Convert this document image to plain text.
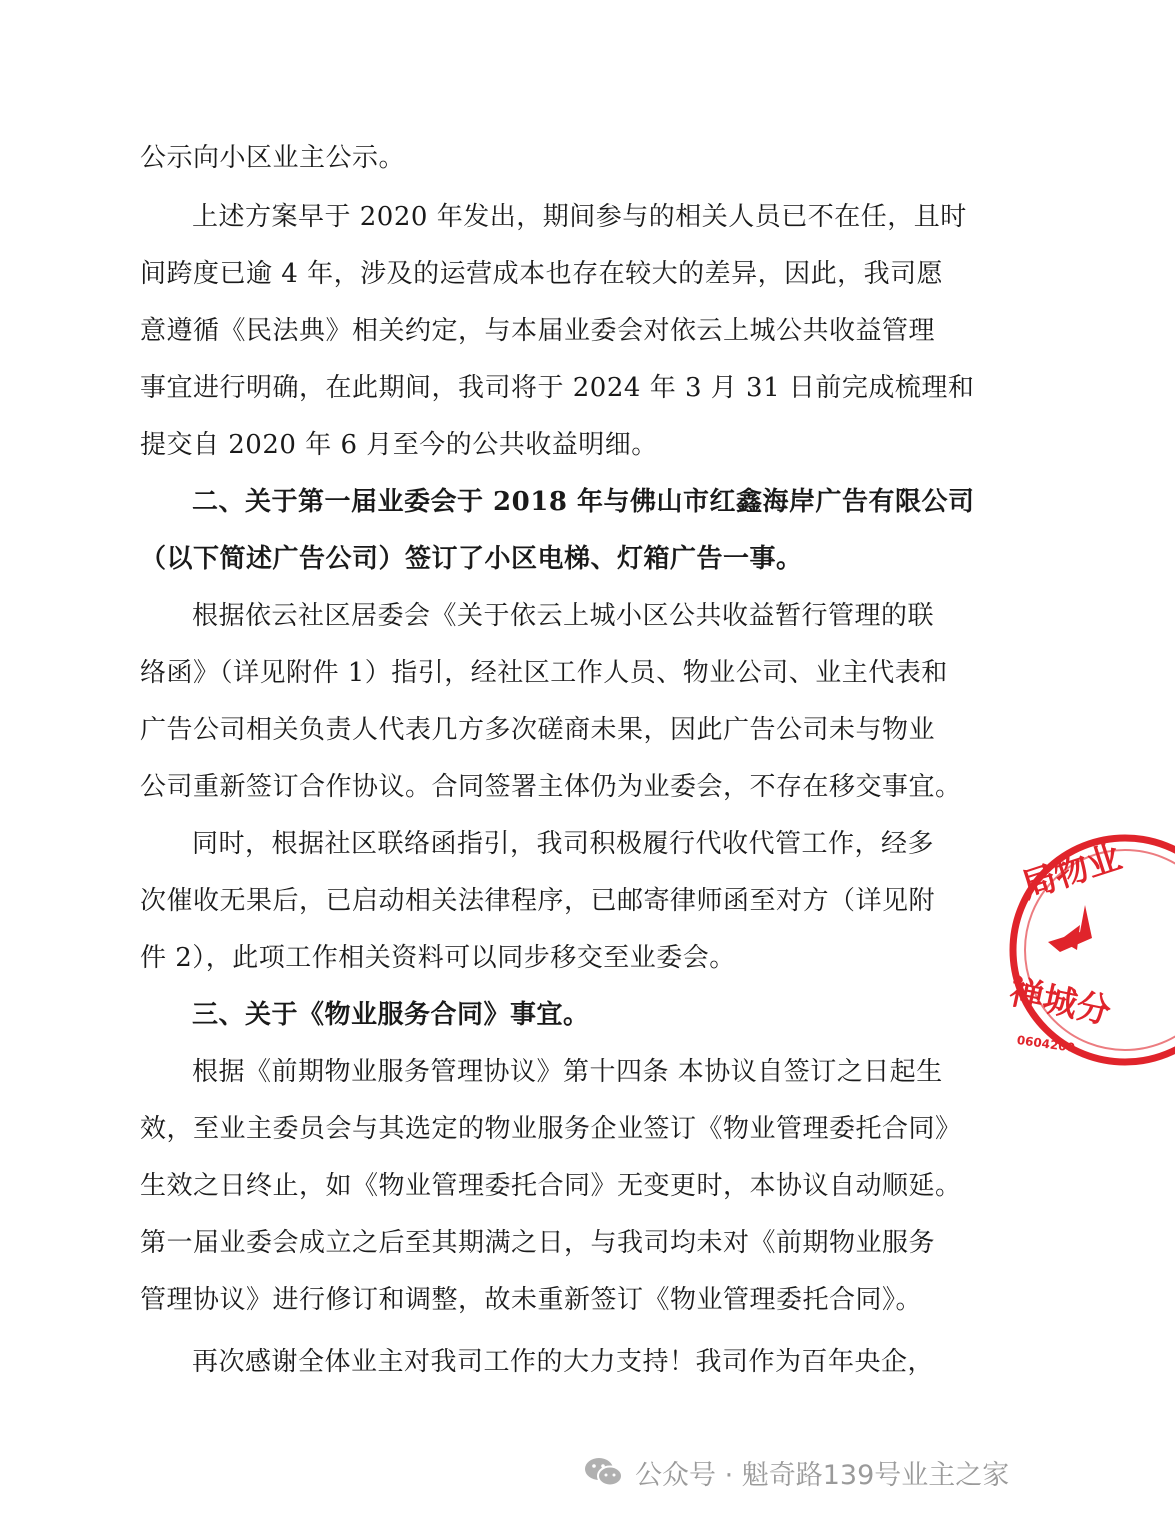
公示向小区业主公示。
上述方案早于 2020 年发出，期间参与的相关人员已不在任，且时
间跨度已逾 4 年，涉及的运营成本也存在较大的差异，因此，我司愿
意遵循《民法典》相关约定，与本届业委会对依云上城公共收益管理
事宜进行明确，在此期间，我司将于 2024 年 3 月 31 日前完成梳理和
提交自 2020 年 6 月至今的公共收益明细。
二、关于第一届业委会于 2018 年与佛山市红鑫海岸广告有限公司
（以下简述广告公司）签订了小区电梯、灯箱广告一事。
根据依云社区居委会《关于依云上城小区公共收益暂行管理的联
络函》（详见附件 1）指引，经社区工作人员、物业公司、业主代表和
广告公司相关负责人代表几方多次磋商未果，因此广告公司未与物业
公司重新签订合作协议。合同签署主体仍为业委会，不存在移交事宜。
同时，根据社区联络函指引，我司积极履行代收代管工作，经多
次催收无果后，已启动相关法律程序，已邮寄律师函至对方（详见附
件 2），此项工作相关资料可以同步移交至业委会。
三、关于《物业服务合同》事宜。
根据《前期物业服务管理协议》第十四条 本协议自签订之日起生
效，至业主委员会与其选定的物业服务企业签订《物业管理委托合同》
生效之日终止，如《物业管理委托合同》无变更时，本协议自动顺延。
第一届业委会成立之后至其期满之日，与我司均未对《前期物业服务
管理协议》进行修订和调整，故未重新签订《物业管理委托合同》。
再次感谢全体业主对我司工作的大力支持！我司作为百年央企，
局物业
禅城分
0604200
公众号 · 魁奇路139号业主之家
